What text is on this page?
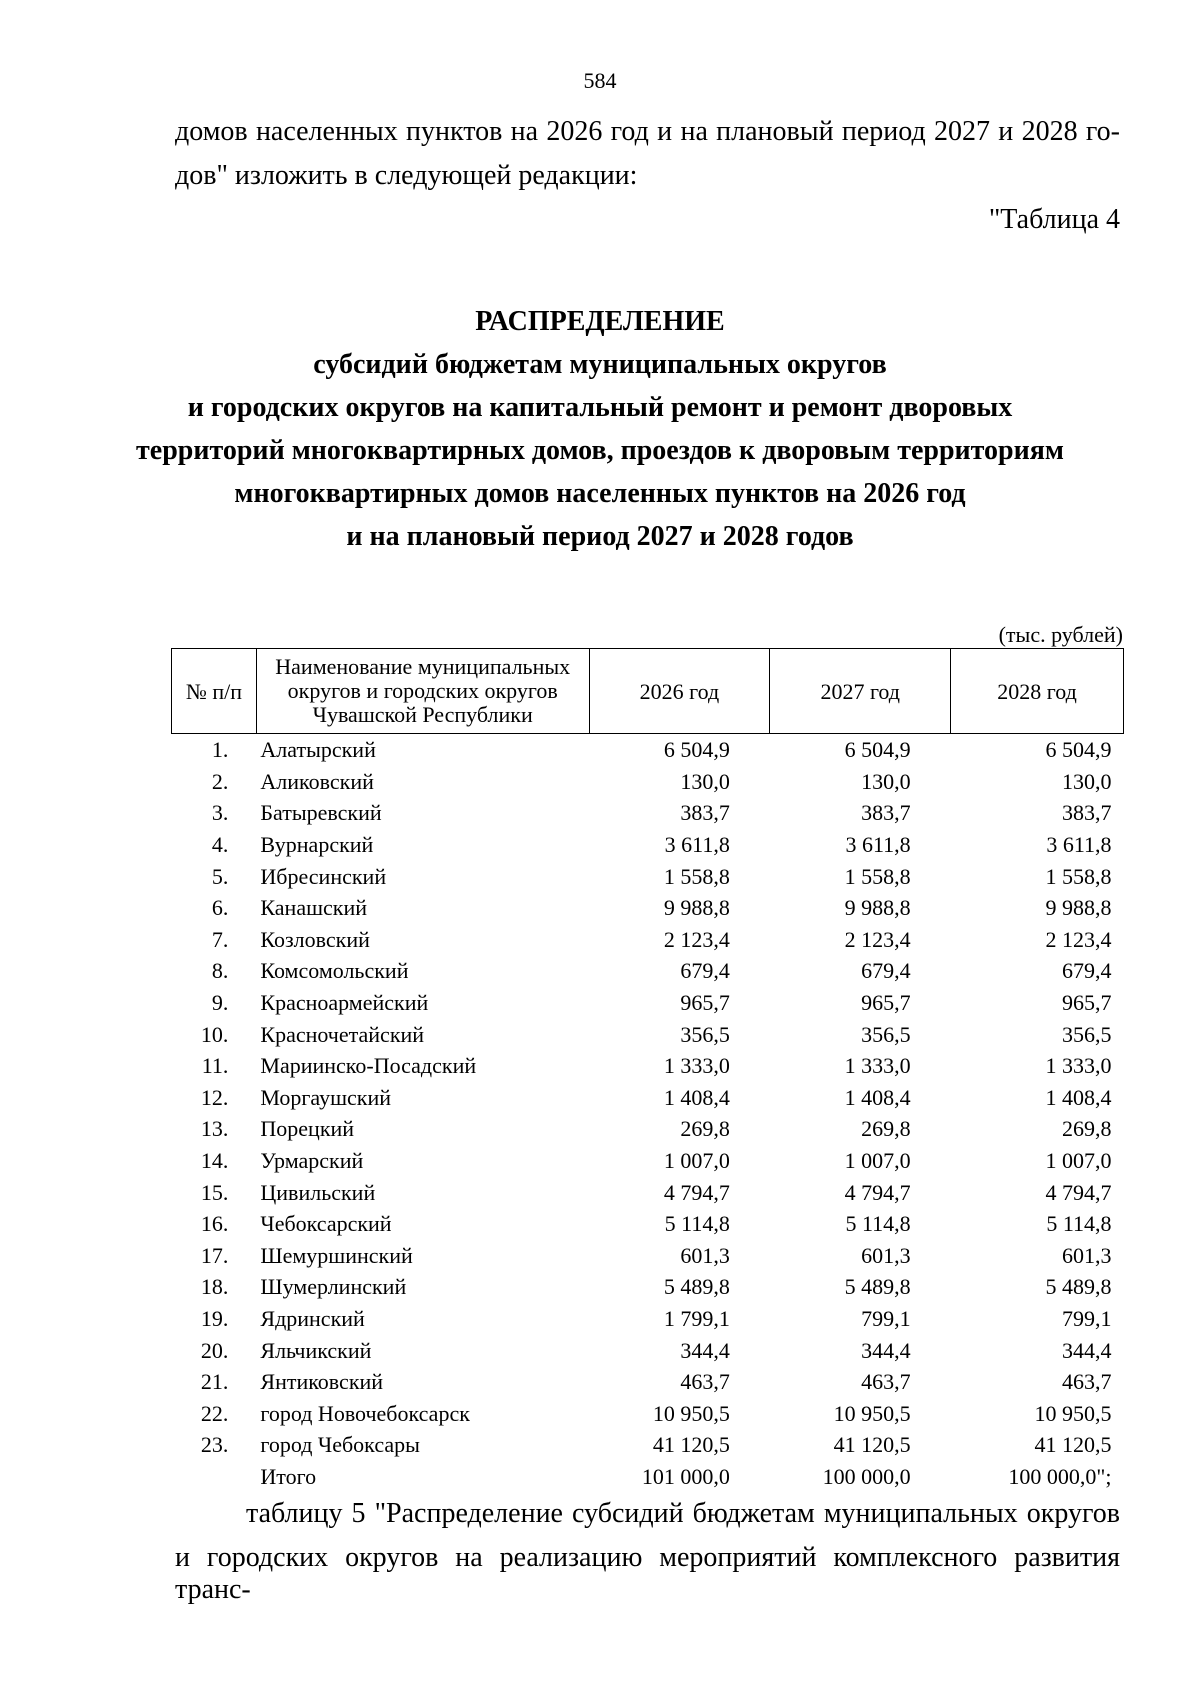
584
домов населенных пунктов на 2026 год и на плановый период 2027 и 2028 го-
дов" изложить в следующей редакции:
"Таблица 4
РАСПРЕДЕЛЕНИЕ
субсидий бюджетам муниципальных округов
и городских округов на капитальный ремонт и ремонт дворовых
территорий многоквартирных домов, проездов к дворовым территориям
многоквартирных домов населенных пунктов на 2026 год
и на плановый период 2027 и 2028 годов
(тыс. рублей)
№ п/п	Наименование муниципальных округов и городских округов Чувашской Республики	2026 год	2027 год	2028 год
1.	Алатырский	6 504,9	6 504,9	6 504,9
2.	Аликовский	130,0	130,0	130,0
3.	Батыревский	383,7	383,7	383,7
4.	Вурнарский	3 611,8	3 611,8	3 611,8
5.	Ибресинский	1 558,8	1 558,8	1 558,8
6.	Канашский	9 988,8	9 988,8	9 988,8
7.	Козловский	2 123,4	2 123,4	2 123,4
8.	Комсомольский	679,4	679,4	679,4
9.	Красноармейский	965,7	965,7	965,7
10.	Красночетайский	356,5	356,5	356,5
11.	Мариинско-Посадский	1 333,0	1 333,0	1 333,0
12.	Моргаушский	1 408,4	1 408,4	1 408,4
13.	Порецкий	269,8	269,8	269,8
14.	Урмарский	1 007,0	1 007,0	1 007,0
15.	Цивильский	4 794,7	4 794,7	4 794,7
16.	Чебоксарский	5 114,8	5 114,8	5 114,8
17.	Шемуршинский	601,3	601,3	601,3
18.	Шумерлинский	5 489,8	5 489,8	5 489,8
19.	Ядринский	1 799,1	799,1	799,1
20.	Яльчикский	344,4	344,4	344,4
21.	Янтиковский	463,7	463,7	463,7
22.	город Новочебоксарск	10 950,5	10 950,5	10 950,5
23.	город Чебоксары	41 120,5	41 120,5	41 120,5
	Итого	101 000,0	100 000,0	100 000,0";
таблицу 5 "Распределение субсидий бюджетам муниципальных округов
и городских округов на реализацию мероприятий комплексного развития транс-
